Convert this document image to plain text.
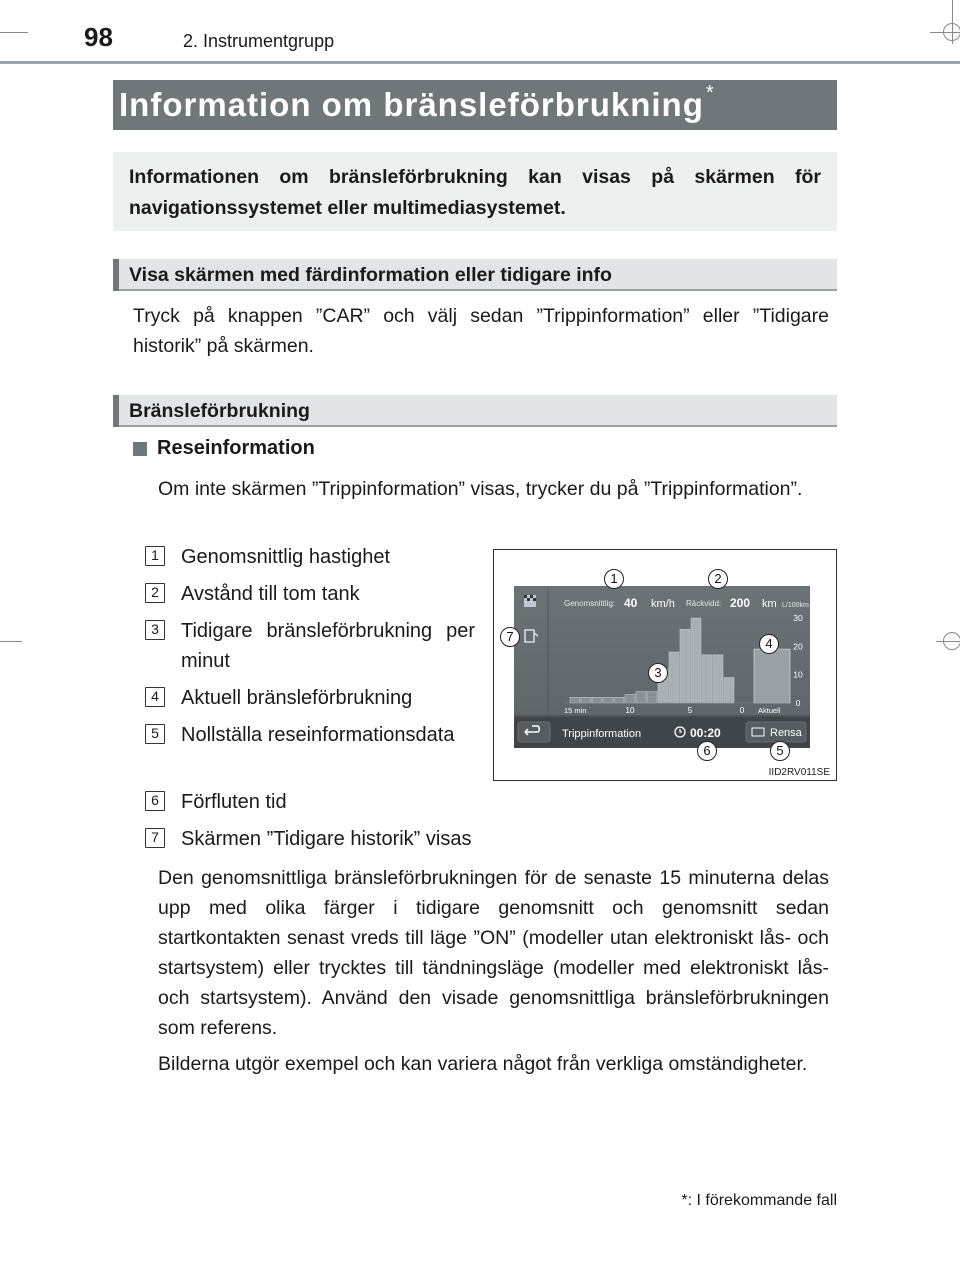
98	2. Instrumentgrupp
Information om bränsleförbrukning*
Informationen om bränsleförbrukning kan visas på skärmen för navigationssystemet eller multimediasystemet.
Visa skärmen med färdinformation eller tidigare info
Tryck på knappen ”CAR” och välj sedan ”Trippinformation” eller ”Tidigare historik” på skärmen.
Bränsleförbrukning
Reseinformation
Om inte skärmen ”Trippinformation” visas, trycker du på ”Trippinformation”.
1	Genomsnittlig hastighet
2	Avstånd till tom tank
3	Tidigare bränsleförbrukning per minut
4	Aktuell bränsleförbrukning
5	Nollställa reseinformationsdata
6	Förfluten tid
7	Skärmen ”Tidigare historik” visas
Genomsnittlig: 40 km/h Räckvidd: 200 km L/100km
30
20
10
0
15 min	10	5	0 Aktuell
Trippinformation	00:20	Rensa
1	2
3
4
5
6
7
IID2RV011SE
Den genomsnittliga bränsleförbrukningen för de senaste 15 minuterna delas upp med olika färger i tidigare genomsnitt och genomsnitt sedan startkontakten senast vreds till läge ”ON” (modeller utan elektroniskt lås- och startsystem) eller trycktes till tändningsläge (modeller med elektroniskt lås- och startsystem). Använd den visade genomsnittliga bränsleförbrukningen som referens.
Bilderna utgör exempel och kan variera något från verkliga omständigheter.
*: I förekommande fall
